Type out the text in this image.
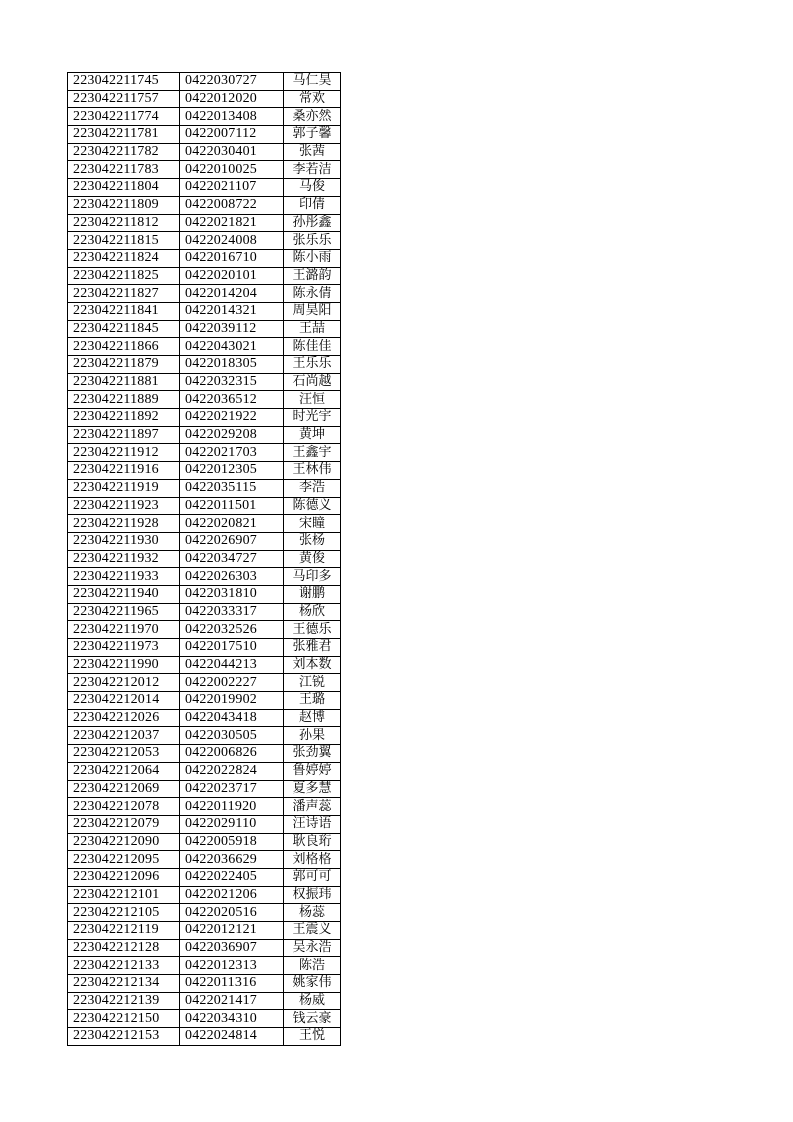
223042211745	0422030727	马仁昊
223042211757	0422012020	常欢
223042211774	0422013408	桑亦然
223042211781	0422007112	郭子馨
223042211782	0422030401	张茜
223042211783	0422010025	李若洁
223042211804	0422021107	马俊
223042211809	0422008722	印倩
223042211812	0422021821	孙彤鑫
223042211815	0422024008	张乐乐
223042211824	0422016710	陈小雨
223042211825	0422020101	王潞韵
223042211827	0422014204	陈永倩
223042211841	0422014321	周昊阳
223042211845	0422039112	王喆
223042211866	0422043021	陈佳佳
223042211879	0422018305	王乐乐
223042211881	0422032315	石尚越
223042211889	0422036512	汪恒
223042211892	0422021922	时光宇
223042211897	0422029208	黄坤
223042211912	0422021703	王鑫宇
223042211916	0422012305	王林伟
223042211919	0422035115	李浩
223042211923	0422011501	陈德义
223042211928	0422020821	宋瞳
223042211930	0422026907	张杨
223042211932	0422034727	黄俊
223042211933	0422026303	马印多
223042211940	0422031810	谢鹏
223042211965	0422033317	杨欣
223042211970	0422032526	王德乐
223042211973	0422017510	张雅君
223042211990	0422044213	刘本数
223042212012	0422002227	江锐
223042212014	0422019902	王璐
223042212026	0422043418	赵博
223042212037	0422030505	孙果
223042212053	0422006826	张劲翼
223042212064	0422022824	鲁婷婷
223042212069	0422023717	夏多慧
223042212078	0422011920	潘声蕊
223042212079	0422029110	汪诗语
223042212090	0422005918	耿良珩
223042212095	0422036629	刘格格
223042212096	0422022405	郭可可
223042212101	0422021206	权振玮
223042212105	0422020516	杨蕊
223042212119	0422012121	王震义
223042212128	0422036907	吴永浩
223042212133	0422012313	陈浩
223042212134	0422011316	姚家伟
223042212139	0422021417	杨威
223042212150	0422034310	钱云豪
223042212153	0422024814	王悦
